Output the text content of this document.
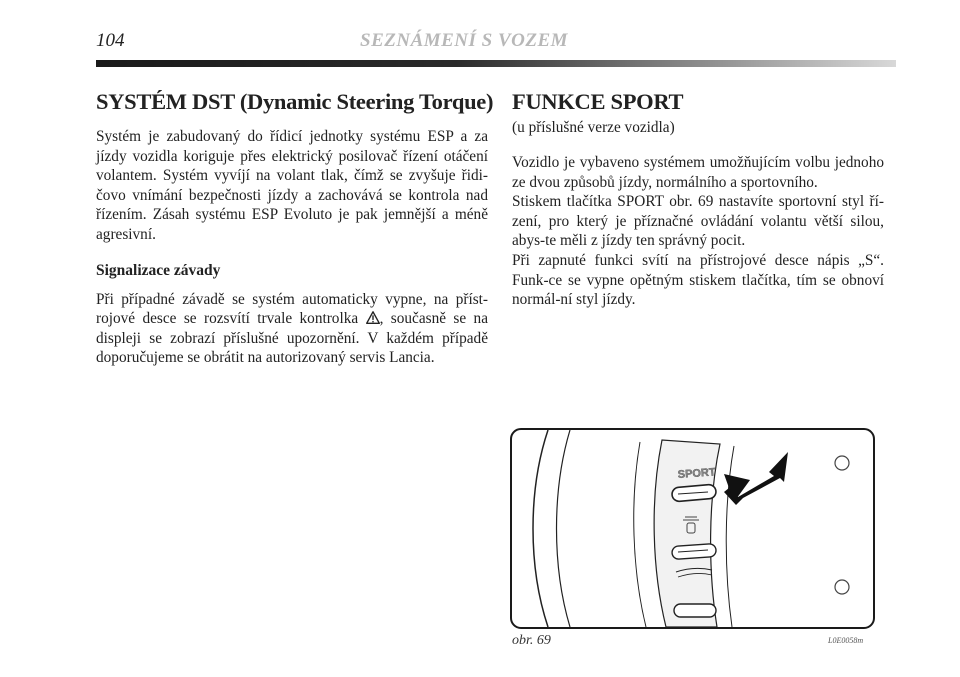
104	SEZNÁMENÍ S VOZEM
SYSTÉM DST (Dynamic Steering Torque)

Systém je zabudovaný do řídicí jednotky systému ESP a za jízdy vozidla koriguje přes elektrický posilovač řízení otáčení volantem. Systém vyvíjí na volant tlak, čímž se zvyšuje řidi-čovo vnímání bezpečnosti jízdy a zachovává se kontrola nad řízením. Zásah systému ESP Evoluto je pak jemnější a méně agresivní.

Signalizace závady

Při případné závadě se systém automaticky vypne, na příst-rojové desce se rozsvítí trvale kontrolka , současně se na displeji se zobrazí příslušné upozornění. V každém případě doporučujeme se obrátit na autorizovaný servis Lancia.

FUNKCE SPORT
(u příslušné verze vozidla)

Vozidlo je vybaveno systémem umožňujícím volbu jednoho ze dvou způsobů jízdy, normálního a sportovního.

Stiskem tlačítka SPORT obr. 69 nastavíte sportovní styl ří-zení, pro který je příznačné ovládání volantu větší silou, abys-te měli z jízdy ten správný pocit.

Při zapnuté funkci svítí na přístrojové desce nápis „S“. Funk-ce se vypne opětným stiskem tlačítka, tím se obnoví normál-ní styl jízdy.

SPORT
obr. 69	L0E0058m
